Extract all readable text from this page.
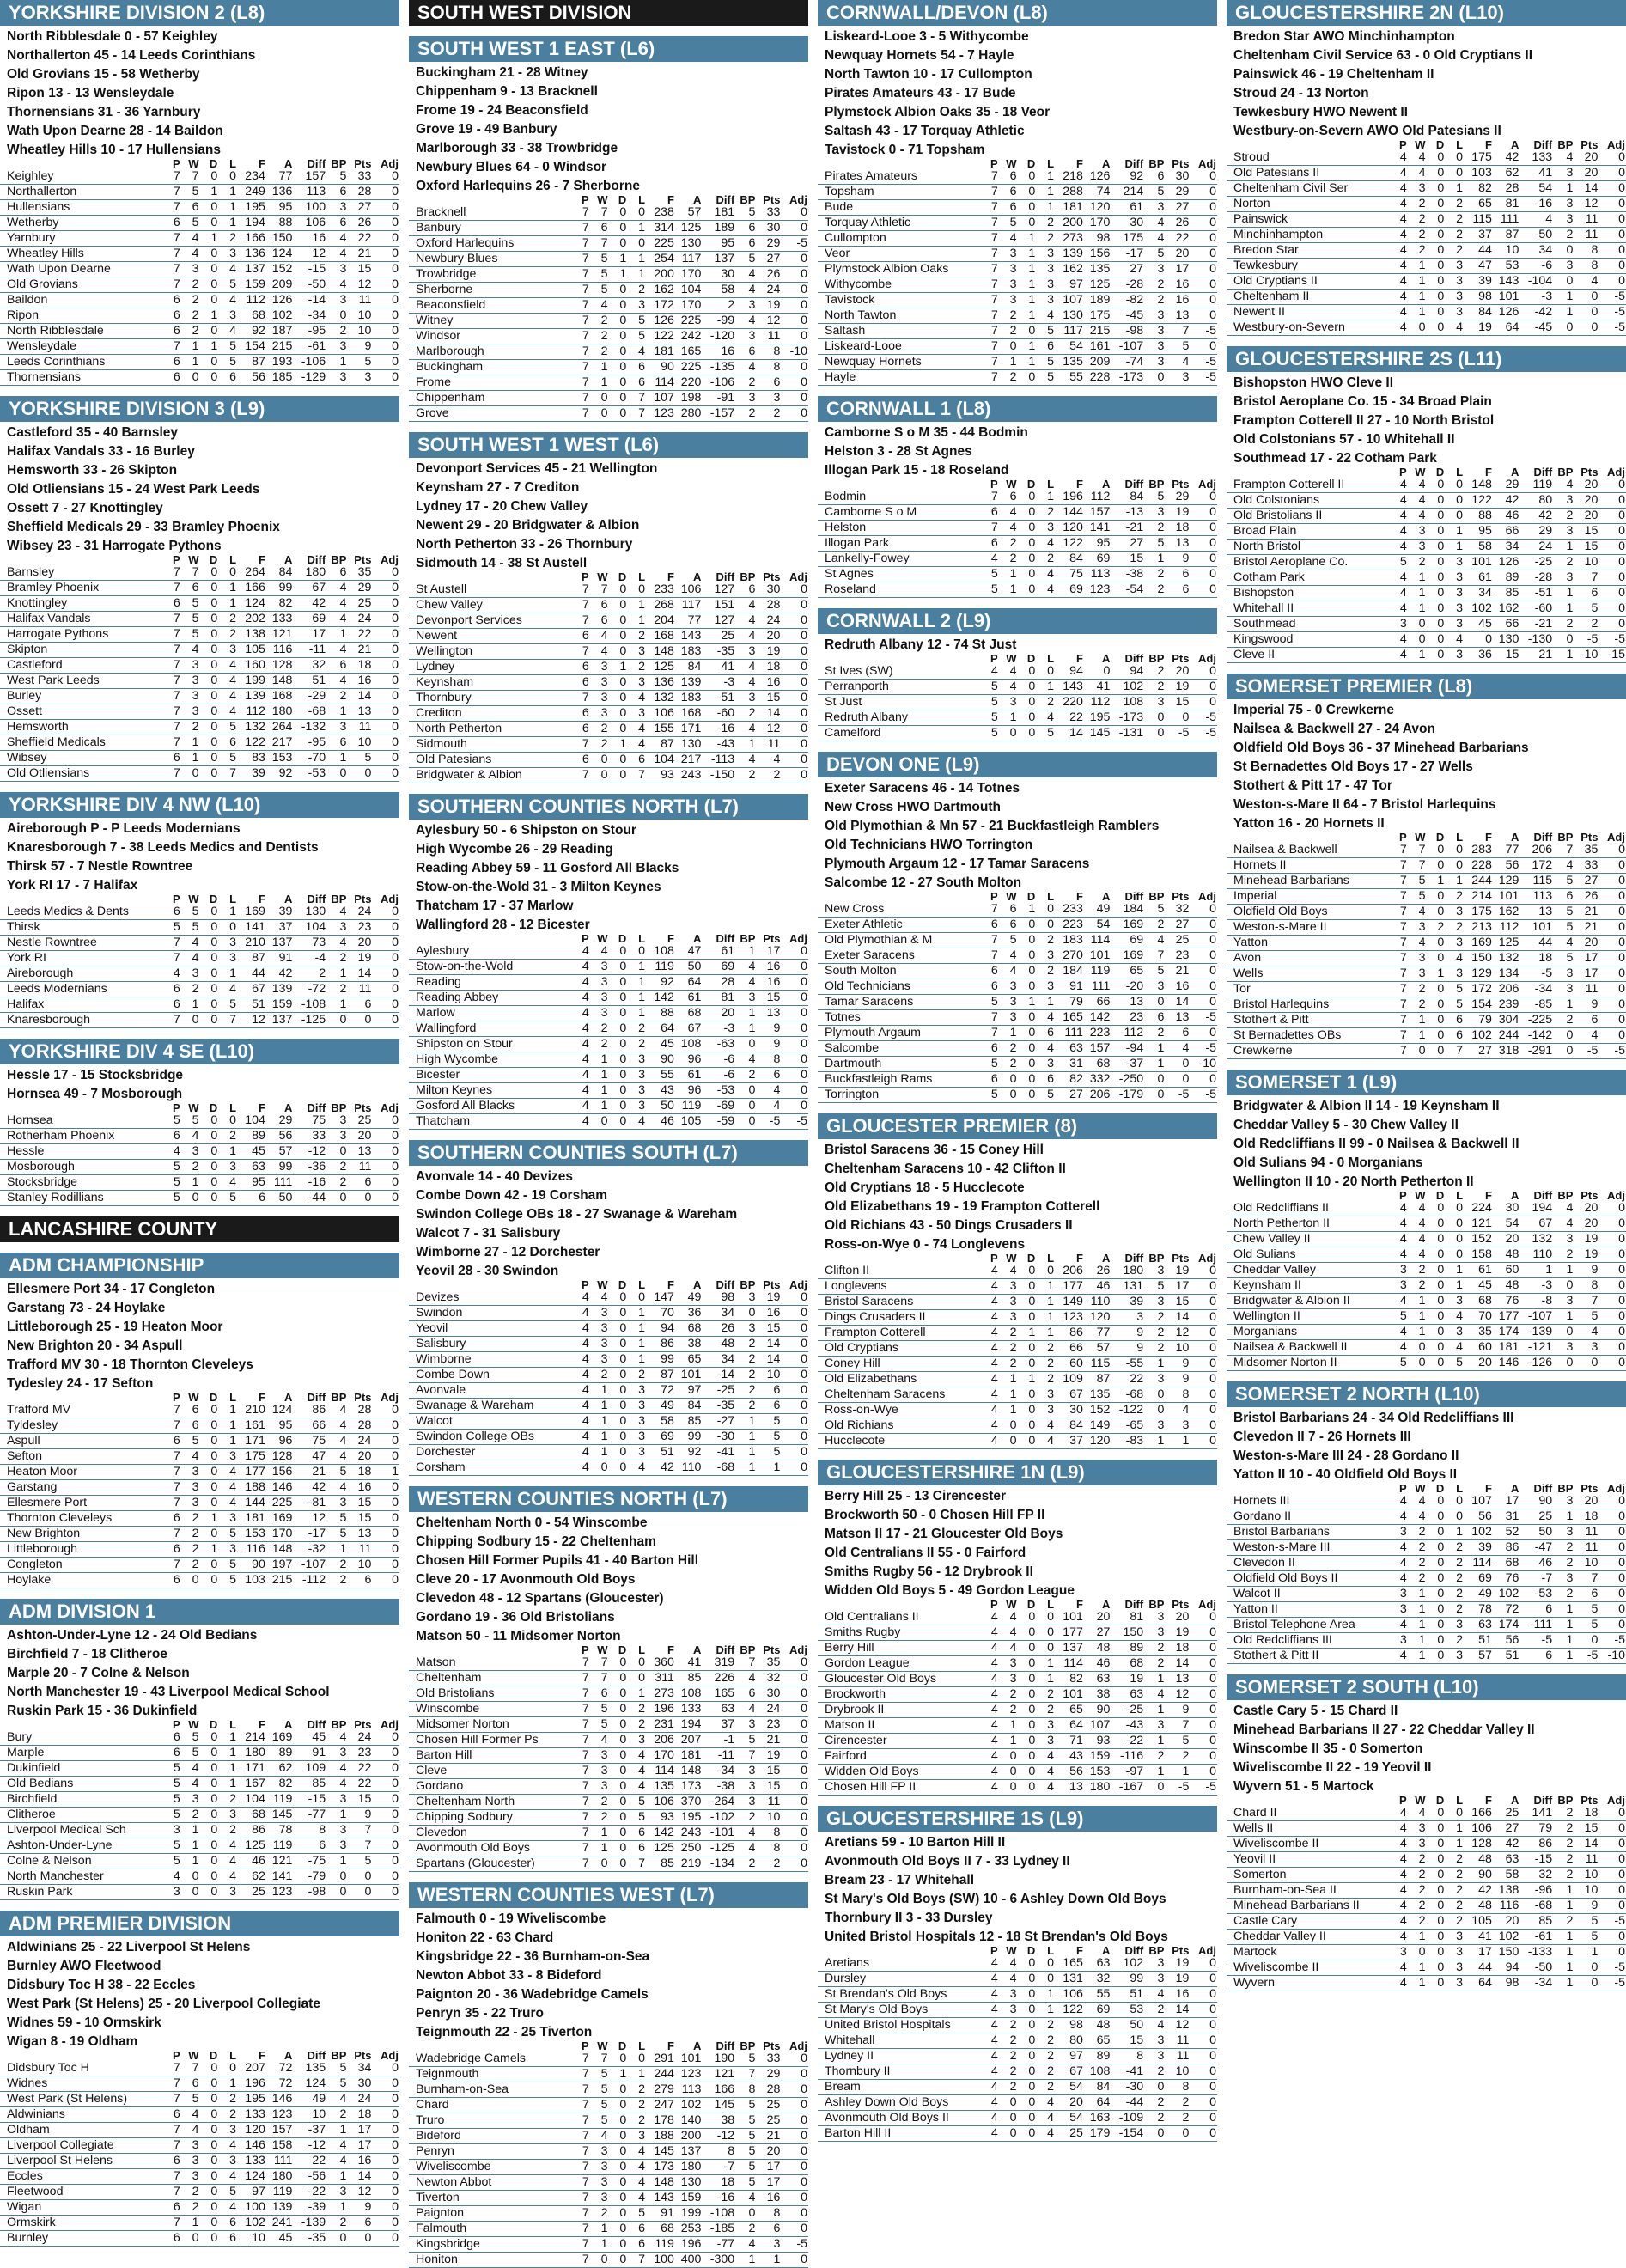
YORKSHIRE DIVISION 2 (L8)
North Ribblesdale 0 - 57 Keighley
Northallerton 45 - 14 Leeds Corinthians
Old Grovians 15 - 58 Wetherby
Ripon 13 - 13 Wensleydale
Thornensians 31 - 36 Yarnbury
Wath Upon Dearne 28 - 14 Baildon
Wheatley Hills 10 - 17 Hullensians
	P	W	D	L	F	A	Diff	BP	Pts	Adj
Keighley	7	7	0	0	234	77	157	5	33	0
Northallerton	7	5	1	1	249	136	113	6	28	0
Hullensians	7	6	0	1	195	95	100	3	27	0
Wetherby	6	5	0	1	194	88	106	6	26	0
Yarnbury	7	4	1	2	166	150	16	4	22	0
Wheatley Hills	7	4	0	3	136	124	12	4	21	0
Wath Upon Dearne	7	3	0	4	137	152	-15	3	15	0
Old Grovians	7	2	0	5	159	209	-50	4	12	0
Baildon	6	2	0	4	112	126	-14	3	11	0
Ripon	6	2	1	3	68	102	-34	0	10	0
North Ribblesdale	6	2	0	4	92	187	-95	2	10	0
Wensleydale	7	1	1	5	154	215	-61	3	9	0
Leeds Corinthians	6	1	0	5	87	193	-106	1	5	0
Thornensians	6	0	0	6	56	185	-129	3	3	0
YORKSHIRE DIVISION 3 (L9)
Castleford 35 - 40 Barnsley
Halifax Vandals 33 - 16 Burley
Hemsworth 33 - 26 Skipton
Old Otliensians 15 - 24 West Park Leeds
Ossett 7 - 27 Knottingley
Sheffield Medicals 29 - 33 Bramley Phoenix
Wibsey 23 - 31 Harrogate Pythons
	P	W	D	L	F	A	Diff	BP	Pts	Adj
Barnsley	7	7	0	0	264	84	180	6	35	0
Bramley Phoenix	7	6	0	1	166	99	67	4	29	0
Knottingley	6	5	0	1	124	82	42	4	25	0
Halifax Vandals	7	5	0	2	202	133	69	4	24	0
Harrogate Pythons	7	5	0	2	138	121	17	1	22	0
Skipton	7	4	0	3	105	116	-11	4	21	0
Castleford	7	3	0	4	160	128	32	6	18	0
West Park Leeds	7	3	0	4	199	148	51	4	16	0
Burley	7	3	0	4	139	168	-29	2	14	0
Ossett	7	3	0	4	112	180	-68	1	13	0
Hemsworth	7	2	0	5	132	264	-132	3	11	0
Sheffield Medicals	7	1	0	6	122	217	-95	6	10	0
Wibsey	6	1	0	5	83	153	-70	1	5	0
Old Otliensians	7	0	0	7	39	92	-53	0	0	0
YORKSHIRE DIV 4 NW (L10)
Aireborough P - P Leeds Modernians
Knaresborough 7 - 38 Leeds Medics and Dentists
Thirsk 57 - 7 Nestle Rowntree
York RI 17 - 7 Halifax
	P	W	D	L	F	A	Diff	BP	Pts	Adj
Leeds Medics & Dents	6	5	0	1	169	39	130	4	24	0
Thirsk	5	5	0	0	141	37	104	3	23	0
Nestle Rowntree	7	4	0	3	210	137	73	4	20	0
York RI	7	4	0	3	87	91	-4	2	19	0
Aireborough	4	3	0	1	44	42	2	1	14	0
Leeds Modernians	6	2	0	4	67	139	-72	2	11	0
Halifax	6	1	0	5	51	159	-108	1	6	0
Knaresborough	7	0	0	7	12	137	-125	0	0	0
YORKSHIRE DIV 4 SE (L10)
Hessle 17 - 15 Stocksbridge
Hornsea 49 - 7 Mosborough
	P	W	D	L	F	A	Diff	BP	Pts	Adj
Hornsea	5	5	0	0	104	29	75	3	25	0
Rotherham Phoenix	6	4	0	2	89	56	33	3	20	0
Hessle	4	3	0	1	45	57	-12	0	13	0
Mosborough	5	2	0	3	63	99	-36	2	11	0
Stocksbridge	5	1	0	4	95	111	-16	2	6	0
Stanley Rodillians	5	0	0	5	6	50	-44	0	0	0
LANCASHIRE COUNTY
ADM CHAMPIONSHIP
Ellesmere Port 34 - 17 Congleton
Garstang 73 - 24 Hoylake
Littleborough 25 - 19 Heaton Moor
New Brighton 20 - 34 Aspull
Trafford MV 30 - 18 Thornton Cleveleys
Tydesley 24 - 17 Sefton
	P	W	D	L	F	A	Diff	BP	Pts	Adj
Trafford MV	7	6	0	1	210	124	86	4	28	0
Tyldesley	7	6	0	1	161	95	66	4	28	0
Aspull	6	5	0	1	171	96	75	4	24	0
Sefton	7	4	0	3	175	128	47	4	20	0
Heaton Moor	7	3	0	4	177	156	21	5	18	1
Garstang	7	3	0	4	188	146	42	4	16	0
Ellesmere Port	7	3	0	4	144	225	-81	3	15	0
Thornton Cleveleys	6	2	1	3	181	169	12	5	15	0
New Brighton	7	2	0	5	153	170	-17	5	13	0
Littleborough	6	2	1	3	116	148	-32	1	11	0
Congleton	7	2	0	5	90	197	-107	2	10	0
Hoylake	6	0	0	5	103	215	-112	2	6	0
ADM DIVISION 1
Ashton-Under-Lyne 12 - 24 Old Bedians
Birchfield 7 - 18 Clitheroe
Marple 20 - 7 Colne & Nelson
North Manchester 19 - 43 Liverpool Medical School
Ruskin Park 15 - 36 Dukinfield
	P	W	D	L	F	A	Diff	BP	Pts	Adj
Bury	6	5	0	1	214	169	45	4	24	0
Marple	6	5	0	1	180	89	91	3	23	0
Dukinfield	5	4	0	1	171	62	109	4	22	0
Old Bedians	5	4	0	1	167	82	85	4	22	0
Birchfield	5	3	0	2	104	119	-15	3	15	0
Clitheroe	5	2	0	3	68	145	-77	1	9	0
Liverpool Medical Sch	3	1	0	2	86	78	8	3	7	0
Ashton-Under-Lyne	5	1	0	4	125	119	6	3	7	0
Colne & Nelson	5	1	0	4	46	121	-75	1	5	0
North Manchester	4	0	0	4	62	141	-79	0	0	0
Ruskin Park	3	0	0	3	25	123	-98	0	0	0
ADM PREMIER DIVISION
Aldwinians 25 - 22 Liverpool St Helens
Burnley AWO Fleetwood
Didsbury Toc H 38 - 22 Eccles
West Park (St Helens) 25 - 20 Liverpool Collegiate
Widnes 59 - 10 Ormskirk
Wigan 8 - 19 Oldham
	P	W	D	L	F	A	Diff	BP	Pts	Adj
Didsbury Toc H	7	7	0	0	207	72	135	5	34	0
Widnes	7	6	0	1	196	72	124	5	30	0
West Park (St Helens)	7	5	0	2	195	146	49	4	24	0
Aldwinians	6	4	0	2	133	123	10	2	18	0
Oldham	7	4	0	3	120	157	-37	1	17	0
Liverpool Collegiate	7	3	0	4	146	158	-12	4	17	0
Liverpool St Helens	6	3	0	3	133	111	22	4	16	0
Eccles	7	3	0	4	124	180	-56	1	14	0
Fleetwood	7	2	0	5	97	119	-22	3	12	0
Wigan	6	2	0	4	100	139	-39	1	9	0
Ormskirk	7	1	0	6	102	241	-139	2	6	0
Burnley	6	0	0	6	10	45	-35	0	0	0
SOUTH WEST DIVISION
SOUTH WEST 1 EAST (L6)
Buckingham 21 - 28 Witney
Chippenham 9 - 13 Bracknell
Frome 19 - 24 Beaconsfield
Grove 19 - 49 Banbury
Marlborough 33 - 38 Trowbridge
Newbury Blues 64 - 0 Windsor
Oxford Harlequins 26 - 7 Sherborne
	P	W	D	L	F	A	Diff	BP	Pts	Adj
Bracknell	7	7	0	0	238	57	181	5	33	0
Banbury	7	6	0	1	314	125	189	6	30	0
Oxford Harlequins	7	7	0	0	225	130	95	6	29	-5
Newbury Blues	7	5	1	1	254	117	137	5	27	0
Trowbridge	7	5	1	1	200	170	30	4	26	0
Sherborne	7	5	0	2	162	104	58	4	24	0
Beaconsfield	7	4	0	3	172	170	2	3	19	0
Witney	7	2	0	5	126	225	-99	4	12	0
Windsor	7	2	0	5	122	242	-120	3	11	0
Marlborough	7	2	0	4	181	165	16	6	8	-10
Buckingham	7	1	0	6	90	225	-135	4	8	0
Frome	7	1	0	6	114	220	-106	2	6	0
Chippenham	7	0	0	7	107	198	-91	3	3	0
Grove	7	0	0	7	123	280	-157	2	2	0
SOUTH WEST 1 WEST (L6)
Devonport Services 45 - 21 Wellington
Keynsham 27 - 7 Crediton
Lydney 17 - 20 Chew Valley
Newent 29 - 20 Bridgwater & Albion
North Petherton 33 - 26 Thornbury
Sidmouth 14 - 38 St Austell
	P	W	D	L	F	A	Diff	BP	Pts	Adj
St Austell	7	7	0	0	233	106	127	6	30	0
Chew Valley	7	6	0	1	268	117	151	4	28	0
Devonport Services	7	6	0	1	204	77	127	4	24	0
Newent	6	4	0	2	168	143	25	4	20	0
Wellington	7	4	0	3	148	183	-35	3	19	0
Lydney	6	3	1	2	125	84	41	4	18	0
Keynsham	6	3	0	3	136	139	-3	4	16	0
Thornbury	7	3	0	4	132	183	-51	3	15	0
Crediton	6	3	0	3	106	168	-60	2	14	0
North Petherton	6	2	0	4	155	171	-16	4	12	0
Sidmouth	7	2	1	4	87	130	-43	1	11	0
Old Patesians	6	0	0	6	104	217	-113	4	4	0
Bridgwater & Albion	7	0	0	7	93	243	-150	2	2	0
SOUTHERN COUNTIES NORTH (L7)
Aylesbury 50 - 6 Shipston on Stour
High Wycombe 26 - 29 Reading
Reading Abbey 59 - 11 Gosford All Blacks
Stow-on-the-Wold 31 - 3 Milton Keynes
Thatcham 17 - 37 Marlow
Wallingford 28 - 12 Bicester
	P	W	D	L	F	A	Diff	BP	Pts	Adj
Aylesbury	4	4	0	0	108	47	61	1	17	0
Stow-on-the-Wold	4	3	0	1	119	50	69	4	16	0
Reading	4	3	0	1	92	64	28	4	16	0
Reading Abbey	4	3	0	1	142	61	81	3	15	0
Marlow	4	3	0	1	88	68	20	1	13	0
Wallingford	4	2	0	2	64	67	-3	1	9	0
Shipston on Stour	4	2	0	2	45	108	-63	0	9	0
High Wycombe	4	1	0	3	90	96	-6	4	8	0
Bicester	4	1	0	3	55	61	-6	2	6	0
Milton Keynes	4	1	0	3	43	96	-53	0	4	0
Gosford All Blacks	4	1	0	3	50	119	-69	0	4	0
Thatcham	4	0	0	4	46	105	-59	0	-5	-5
SOUTHERN COUNTIES SOUTH (L7)
Avonvale 14 - 40 Devizes
Combe Down 42 - 19 Corsham
Swindon College OBs 18 - 27 Swanage & Wareham
Walcot 7 - 31 Salisbury
Wimborne 27 - 12 Dorchester
Yeovil 28 - 30 Swindon
	P	W	D	L	F	A	Diff	BP	Pts	Adj
Devizes	4	4	0	0	147	49	98	3	19	0
Swindon	4	3	0	1	70	36	34	0	16	0
Yeovil	4	3	0	1	94	68	26	3	15	0
Salisbury	4	3	0	1	86	38	48	2	14	0
Wimborne	4	3	0	1	99	65	34	2	14	0
Combe Down	4	2	0	2	87	101	-14	2	10	0
Avonvale	4	1	0	3	72	97	-25	2	6	0
Swanage & Wareham	4	1	0	3	49	84	-35	2	6	0
Walcot	4	1	0	3	58	85	-27	1	5	0
Swindon College OBs	4	1	0	3	69	99	-30	1	5	0
Dorchester	4	1	0	3	51	92	-41	1	5	0
Corsham	4	0	0	4	42	110	-68	1	1	0
WESTERN COUNTIES NORTH (L7)
Cheltenham North 0 - 54 Winscombe
Chipping Sodbury 15 - 22 Cheltenham
Chosen Hill Former Pupils 41 - 40 Barton Hill
Cleve 20 - 17 Avonmouth Old Boys
Clevedon 48 - 12 Spartans (Gloucester)
Gordano 19 - 36 Old Bristolians
Matson 50 - 11 Midsomer Norton
	P	W	D	L	F	A	Diff	BP	Pts	Adj
Matson	7	7	0	0	360	41	319	7	35	0
Cheltenham	7	7	0	0	311	85	226	4	32	0
Old Bristolians	7	6	0	1	273	108	165	6	30	0
Winscombe	7	5	0	2	196	133	63	4	24	0
Midsomer Norton	7	5	0	2	231	194	37	3	23	0
Chosen Hill Former Ps	7	4	0	3	206	207	-1	5	21	0
Barton Hill	7	3	0	4	170	181	-11	7	19	0
Cleve	7	3	0	4	114	148	-34	3	15	0
Gordano	7	3	0	4	135	173	-38	3	15	0
Cheltenham North	7	2	0	5	106	370	-264	3	11	0
Chipping Sodbury	7	2	0	5	93	195	-102	2	10	0
Clevedon	7	1	0	6	142	243	-101	4	8	0
Avonmouth Old Boys	7	1	0	6	125	250	-125	4	8	0
Spartans (Gloucester)	7	0	0	7	85	219	-134	2	2	0
WESTERN COUNTIES WEST (L7)
Falmouth 0 - 19 Wiveliscombe
Honiton 22 - 63 Chard
Kingsbridge 22 - 36 Burnham-on-Sea
Newton Abbot 33 - 8 Bideford
Paignton 20 - 36 Wadebridge Camels
Penryn 35 - 22 Truro
Teignmouth 22 - 25 Tiverton
	P	W	D	L	F	A	Diff	BP	Pts	Adj
Wadebridge Camels	7	7	0	0	291	101	190	5	33	0
Teignmouth	7	5	1	1	244	123	121	7	29	0
Burnham-on-Sea	7	5	0	2	279	113	166	8	28	0
Chard	7	5	0	2	247	102	145	5	25	0
Truro	7	5	0	2	178	140	38	5	25	0
Bideford	7	4	0	3	188	200	-12	5	21	0
Penryn	7	3	0	4	145	137	8	5	20	0
Wiveliscombe	7	3	0	4	173	180	-7	5	17	0
Newton Abbot	7	3	0	4	148	130	18	5	17	0
Tiverton	7	3	0	4	143	159	-16	4	16	0
Paignton	7	2	0	5	91	199	-108	0	8	0
Falmouth	7	1	0	6	68	253	-185	2	6	0
Kingsbridge	7	1	0	6	119	196	-77	4	3	-5
Honiton	7	0	0	7	100	400	-300	1	1	0
CORNWALL/DEVON (L8)
Liskeard-Looe 3 - 5 Withycombe
Newquay Hornets 54 - 7 Hayle
North Tawton 10 - 17 Cullompton
Pirates Amateurs 43 - 17 Bude
Plymstock Albion Oaks 35 - 18 Veor
Saltash 43 - 17 Torquay Athletic
Tavistock 0 - 71 Topsham
	P	W	D	L	F	A	Diff	BP	Pts	Adj
Pirates Amateurs	7	6	0	1	218	126	92	6	30	0
Topsham	7	6	0	1	288	74	214	5	29	0
Bude	7	6	0	1	181	120	61	3	27	0
Torquay Athletic	7	5	0	2	200	170	30	4	26	0
Cullompton	7	4	1	2	273	98	175	4	22	0
Veor	7	3	1	3	139	156	-17	5	20	0
Plymstock Albion Oaks	7	3	1	3	162	135	27	3	17	0
Withycombe	7	3	1	3	97	125	-28	2	16	0
Tavistock	7	3	1	3	107	189	-82	2	16	0
North Tawton	7	2	1	4	130	175	-45	3	13	0
Saltash	7	2	0	5	117	215	-98	3	7	-5
Liskeard-Looe	7	0	1	6	54	161	-107	3	5	0
Newquay Hornets	7	1	1	5	135	209	-74	3	4	-5
Hayle	7	2	0	5	55	228	-173	0	3	-5
CORNWALL 1 (L8)
Camborne S o M 35 - 44 Bodmin
Helston 3 - 28 St Agnes
Illogan Park 15 - 18 Roseland
	P	W	D	L	F	A	Diff	BP	Pts	Adj
Bodmin	7	6	0	1	196	112	84	5	29	0
Camborne S o M	6	4	0	2	144	157	-13	3	19	0
Helston	7	4	0	3	120	141	-21	2	18	0
Illogan Park	6	2	0	4	122	95	27	5	13	0
Lankelly-Fowey	4	2	0	2	84	69	15	1	9	0
St Agnes	5	1	0	4	75	113	-38	2	6	0
Roseland	5	1	0	4	69	123	-54	2	6	0
CORNWALL 2 (L9)
Redruth Albany 12 - 74 St Just
	P	W	D	L	F	A	Diff	BP	Pts	Adj
St Ives (SW)	4	4	0	0	94	0	94	2	20	0
Perranporth	5	4	0	1	143	41	102	2	19	0
St Just	5	3	0	2	220	112	108	3	15	0
Redruth Albany	5	1	0	4	22	195	-173	0	0	-5
Camelford	5	0	0	5	14	145	-131	0	-5	-5
DEVON ONE (L9)
Exeter Saracens 46 - 14 Totnes
New Cross HWO Dartmouth
Old Plymothian & Mn 57 - 21 Buckfastleigh Ramblers
Old Technicians HWO Torrington
Plymouth Argaum 12 - 17 Tamar Saracens
Salcombe 12 - 27 South Molton
	P	W	D	L	F	A	Diff	BP	Pts	Adj
New Cross	7	6	1	0	233	49	184	5	32	0
Exeter Athletic	6	6	0	0	223	54	169	2	27	0
Old Plymothian & M	7	5	0	2	183	114	69	4	25	0
Exeter Saracens	7	4	0	3	270	101	169	7	23	0
South Molton	6	4	0	2	184	119	65	5	21	0
Old Technicians	6	3	0	3	91	111	-20	3	16	0
Tamar Saracens	5	3	1	1	79	66	13	0	14	0
Totnes	7	3	0	4	165	142	23	6	13	-5
Plymouth Argaum	7	1	0	6	111	223	-112	2	6	0
Salcombe	6	2	0	4	63	157	-94	1	4	-5
Dartmouth	5	2	0	3	31	68	-37	1	0	-10
Buckfastleigh Rams	6	0	0	6	82	332	-250	0	0	0
Torrington	5	0	0	5	27	206	-179	0	-5	-5
GLOUCESTER PREMIER (8)
Bristol Saracens 36 - 15 Coney Hill
Cheltenham Saracens 10 - 42 Clifton II
Old Cryptians 18 - 5 Hucclecote
Old Elizabethans 19 - 19 Frampton Cotterell
Old Richians 43 - 50 Dings Crusaders II
Ross-on-Wye 0 - 74 Longlevens
	P	W	D	L	F	A	Diff	BP	Pts	Adj
Clifton II	4	4	0	0	206	26	180	3	19	0
Longlevens	4	3	0	1	177	46	131	5	17	0
Bristol Saracens	4	3	0	1	149	110	39	3	15	0
Dings Crusaders II	4	3	0	1	123	120	3	2	14	0
Frampton Cotterell	4	2	1	1	86	77	9	2	12	0
Old Cryptians	4	2	0	2	66	57	9	2	10	0
Coney Hill	4	2	0	2	60	115	-55	1	9	0
Old Elizabethans	4	1	1	2	109	87	22	3	9	0
Cheltenham Saracens	4	1	0	3	67	135	-68	0	8	0
Ross-on-Wye	4	1	0	3	30	152	-122	0	4	0
Old Richians	4	0	0	4	84	149	-65	3	3	0
Hucclecote	4	0	0	4	37	120	-83	1	1	0
GLOUCESTERSHIRE 1N (L9)
Berry Hill 25 - 13 Cirencester
Brockworth 50 - 0 Chosen Hill FP II
Matson II 17 - 21 Gloucester Old Boys
Old Centralians II 55 - 0 Fairford
Smiths Rugby 56 - 12 Drybrook II
Widden Old Boys 5 - 49 Gordon League
	P	W	D	L	F	A	Diff	BP	Pts	Adj
Old Centralians II	4	4	0	0	101	20	81	3	20	0
Smiths Rugby	4	4	0	0	177	27	150	3	19	0
Berry Hill	4	4	0	0	137	48	89	2	18	0
Gordon League	4	3	0	1	114	46	68	2	14	0
Gloucester Old Boys	4	3	0	1	82	63	19	1	13	0
Brockworth	4	2	0	2	101	38	63	4	12	0
Drybrook II	4	2	0	2	65	90	-25	1	9	0
Matson II	4	1	0	3	64	107	-43	3	7	0
Cirencester	4	1	0	3	71	93	-22	1	5	0
Fairford	4	0	0	4	43	159	-116	2	2	0
Widden Old Boys	4	0	0	4	56	153	-97	1	1	0
Chosen Hill FP II	4	0	0	4	13	180	-167	0	-5	-5
GLOUCESTERSHIRE 1S (L9)
Aretians 59 - 10 Barton Hill II
Avonmouth Old Boys II 7 - 33 Lydney II
Bream 23 - 17 Whitehall
St Mary's Old Boys (SW) 10 - 6 Ashley Down Old Boys
Thornbury II 3 - 33 Dursley
United Bristol Hospitals 12 - 18 St Brendan's Old Boys
	P	W	D	L	F	A	Diff	BP	Pts	Adj
Aretians	4	4	0	0	165	63	102	3	19	0
Dursley	4	4	0	0	131	32	99	3	19	0
St Brendan's Old Boys	4	3	0	1	106	55	51	4	16	0
St Mary's Old Boys	4	3	0	1	122	69	53	2	14	0
United Bristol Hospitals	4	2	0	2	98	48	50	4	12	0
Whitehall	4	2	0	2	80	65	15	3	11	0
Lydney II	4	2	0	2	97	89	8	3	11	0
Thornbury II	4	2	0	2	67	108	-41	2	10	0
Bream	4	2	0	2	54	84	-30	0	8	0
Ashley Down Old Boys	4	0	0	4	20	64	-44	2	2	0
Avonmouth Old Boys II	4	0	0	4	54	163	-109	2	2	0
Barton Hill II	4	0	0	4	25	179	-154	0	0	0
GLOUCESTERSHIRE 2N (L10)
Bredon Star AWO Minchinhampton
Cheltenham Civil Service 63 - 0 Old Cryptians II
Painswick 46 - 19 Cheltenham II
Stroud 24 - 13 Norton
Tewkesbury HWO Newent II
Westbury-on-Severn AWO Old Patesians II
	P	W	D	L	F	A	Diff	BP	Pts	Adj
Stroud	4	4	0	0	175	42	133	4	20	0
Old Patesians II	4	4	0	0	103	62	41	3	20	0
Cheltenham Civil Ser	4	3	0	1	82	28	54	1	14	0
Norton	4	2	0	2	65	81	-16	3	12	0
Painswick	4	2	0	2	115	111	4	3	11	0
Minchinhampton	4	2	0	2	37	87	-50	2	11	0
Bredon Star	4	2	0	2	44	10	34	0	8	0
Tewkesbury	4	1	0	3	47	53	-6	3	8	0
Old Cryptians II	4	1	0	3	39	143	-104	0	4	0
Cheltenham II	4	1	0	3	98	101	-3	1	0	-5
Newent II	4	1	0	3	84	126	-42	1	0	-5
Westbury-on-Severn	4	0	0	4	19	64	-45	0	0	-5
GLOUCESTERSHIRE 2S (L11)
Bishopston HWO Cleve II
Bristol Aeroplane Co. 15 - 34 Broad Plain
Frampton Cotterell II 27 - 10 North Bristol
Old Colstonians 57 - 10 Whitehall II
Southmead 17 - 22 Cotham Park
	P	W	D	L	F	A	Diff	BP	Pts	Adj
Frampton Cotterell II	4	4	0	0	148	29	119	4	20	0
Old Colstonians	4	4	0	0	122	42	80	3	20	0
Old Bristolians II	4	4	0	0	88	46	42	2	20	0
Broad Plain	4	3	0	1	95	66	29	3	15	0
North Bristol	4	3	0	1	58	34	24	1	15	0
Bristol Aeroplane Co.	5	2	0	3	101	126	-25	2	10	0
Cotham Park	4	1	0	3	61	89	-28	3	7	0
Bishopston	4	1	0	3	34	85	-51	1	6	0
Whitehall II	4	1	0	3	102	162	-60	1	5	0
Southmead	3	0	0	3	45	66	-21	2	2	0
Kingswood	4	0	0	4	0	130	-130	0	-5	-5
Cleve II	4	1	0	3	36	15	21	1	-10	-15
SOMERSET PREMIER (L8)
Imperial 75 - 0 Crewkerne
Nailsea & Backwell 27 - 24 Avon
Oldfield Old Boys 36 - 37 Minehead Barbarians
St Bernadettes Old Boys 17 - 27 Wells
Stothert & Pitt 17 - 47 Tor
Weston-s-Mare II 64 - 7 Bristol Harlequins
Yatton 16 - 20 Hornets II
	P	W	D	L	F	A	Diff	BP	Pts	Adj
Nailsea & Backwell	7	7	0	0	283	77	206	7	35	0
Hornets II	7	7	0	0	228	56	172	4	33	0
Minehead Barbarians	7	5	1	1	244	129	115	5	27	0
Imperial	7	5	0	2	214	101	113	6	26	0
Oldfield Old Boys	7	4	0	3	175	162	13	5	21	0
Weston-s-Mare II	7	3	2	2	213	112	101	5	21	0
Yatton	7	4	0	3	169	125	44	4	20	0
Avon	7	3	0	4	150	132	18	5	17	0
Wells	7	3	1	3	129	134	-5	3	17	0
Tor	7	2	0	5	172	206	-34	3	11	0
Bristol Harlequins	7	2	0	5	154	239	-85	1	9	0
Stothert & Pitt	7	1	0	6	79	304	-225	2	6	0
St Bernadettes OBs	7	1	0	6	102	244	-142	0	4	0
Crewkerne	7	0	0	7	27	318	-291	0	-5	-5
SOMERSET 1 (L9)
Bridgwater & Albion II 14 - 19 Keynsham II
Cheddar Valley 5 - 30 Chew Valley II
Old Redcliffians II 99 - 0 Nailsea & Backwell II
Old Sulians 94 - 0 Morganians
Wellington II 10 - 20 North Petherton II
	P	W	D	L	F	A	Diff	BP	Pts	Adj
Old Redcliffians II	4	4	0	0	224	30	194	4	20	0
North Petherton II	4	4	0	0	121	54	67	4	20	0
Chew Valley II	4	4	0	0	152	20	132	3	19	0
Old Sulians	4	4	0	0	158	48	110	2	19	0
Cheddar Valley	3	2	0	1	61	60	1	1	9	0
Keynsham II	3	2	0	1	45	48	-3	0	8	0
Bridgwater & Albion II	4	1	0	3	68	76	-8	3	7	0
Wellington II	5	1	0	4	70	177	-107	1	5	0
Morganians	4	1	0	3	35	174	-139	0	4	0
Nailsea & Backwell II	4	0	0	4	60	181	-121	3	3	0
Midsomer Norton II	5	0	0	5	20	146	-126	0	0	0
SOMERSET 2 NORTH (L10)
Bristol Barbarians 24 - 34 Old Redcliffians III
Clevedon II 7 - 26 Hornets III
Weston-s-Mare III 24 - 28 Gordano II
Yatton II 10 - 40 Oldfield Old Boys II
	P	W	D	L	F	A	Diff	BP	Pts	Adj
Hornets III	4	4	0	0	107	17	90	3	20	0
Gordano II	4	4	0	0	56	31	25	1	18	0
Bristol Barbarians	3	2	0	1	102	52	50	3	11	0
Weston-s-Mare III	4	2	0	2	39	86	-47	2	11	0
Clevedon II	4	2	0	2	114	68	46	2	10	0
Oldfield Old Boys II	4	2	0	2	69	76	-7	3	7	0
Walcot II	3	1	0	2	49	102	-53	2	6	0
Yatton II	3	1	0	2	78	72	6	1	5	0
Bristol Telephone Area	4	1	0	3	63	174	-111	1	5	0
Old Redcliffians III	3	1	0	2	51	56	-5	1	0	-5
Stothert & Pitt II	4	1	0	3	57	51	6	1	-5	-10
SOMERSET 2 SOUTH (L10)
Castle Cary 5 - 15 Chard II
Minehead Barbarians II 27 - 22 Cheddar Valley II
Winscombe II 35 - 0 Somerton
Wiveliscombe II 22 - 19 Yeovil II
Wyvern 51 - 5 Martock
	P	W	D	L	F	A	Diff	BP	Pts	Adj
Chard II	4	4	0	0	166	25	141	2	18	0
Wells II	4	3	0	1	106	27	79	2	15	0
Wiveliscombe II	4	3	0	1	128	42	86	2	14	0
Yeovil II	4	2	0	2	48	63	-15	2	11	0
Somerton	4	2	0	2	90	58	32	2	10	0
Burnham-on-Sea II	4	2	0	2	42	138	-96	1	10	0
Minehead Barbarians II	4	2	0	2	48	116	-68	1	9	0
Castle Cary	4	2	0	2	105	20	85	2	5	-5
Cheddar Valley II	4	1	0	3	41	102	-61	1	5	0
Martock	3	0	0	3	17	150	-133	1	1	0
Wiveliscombe II	4	1	0	3	44	94	-50	1	0	-5
Wyvern	4	1	0	3	64	98	-34	1	0	-5
